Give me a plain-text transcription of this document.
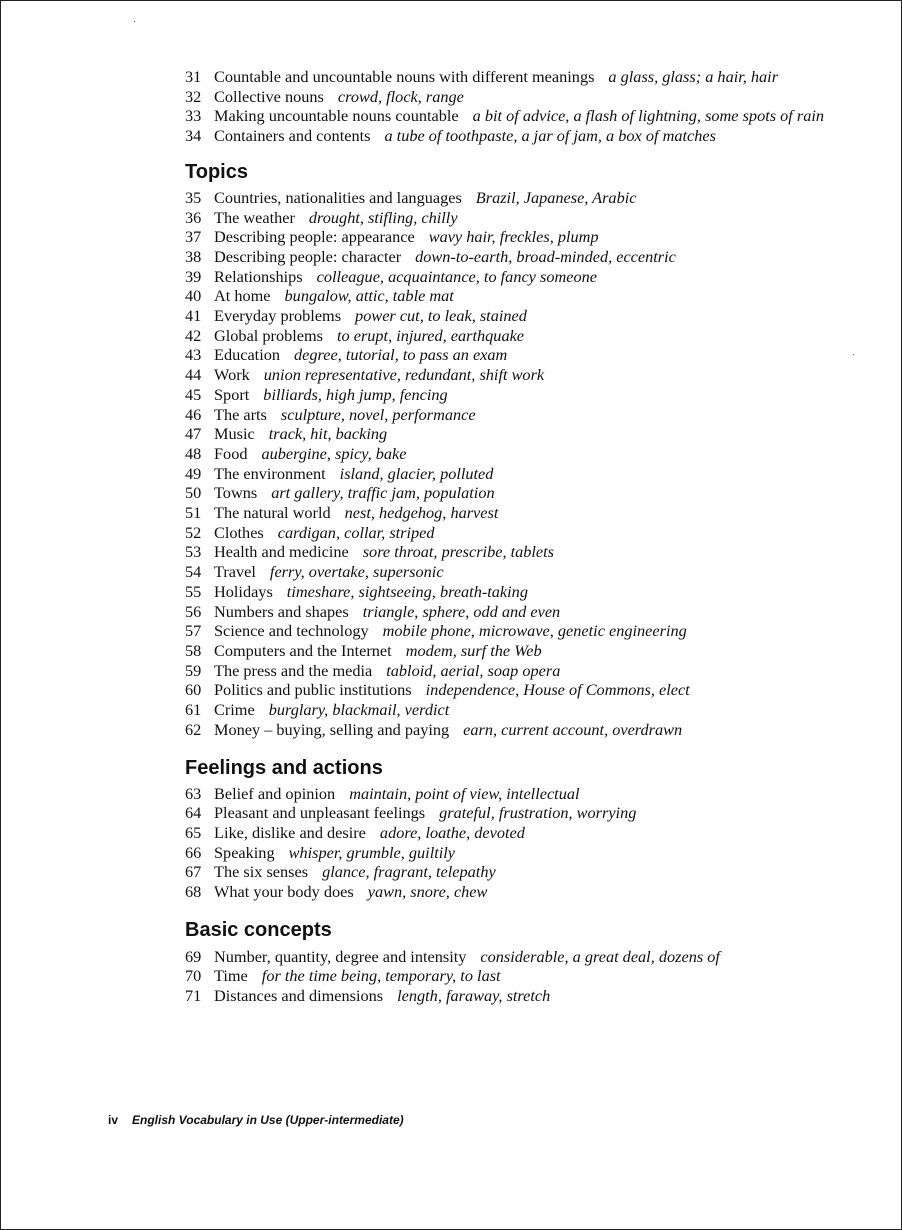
31 Countable and uncountable nouns with different meanings a glass, glass; a hair, hair
32 Collective nouns crowd, flock, range
33 Making uncountable nouns countable a bit of advice, a flash of lightning, some spots of rain
34 Containers and contents a tube of toothpaste, a jar of jam, a box of matches
Topics
35 Countries, nationalities and languages Brazil, Japanese, Arabic
36 The weather drought, stifling, chilly
37 Describing people: appearance wavy hair, freckles, plump
38 Describing people: character down-to-earth, broad-minded, eccentric
39 Relationships colleague, acquaintance, to fancy someone
40 At home bungalow, attic, table mat
41 Everyday problems power cut, to leak, stained
42 Global problems to erupt, injured, earthquake
43 Education degree, tutorial, to pass an exam
44 Work union representative, redundant, shift work
45 Sport billiards, high jump, fencing
46 The arts sculpture, novel, performance
47 Music track, hit, backing
48 Food aubergine, spicy, bake
49 The environment island, glacier, polluted
50 Towns art gallery, traffic jam, population
51 The natural world nest, hedgehog, harvest
52 Clothes cardigan, collar, striped
53 Health and medicine sore throat, prescribe, tablets
54 Travel ferry, overtake, supersonic
55 Holidays timeshare, sightseeing, breath-taking
56 Numbers and shapes triangle, sphere, odd and even
57 Science and technology mobile phone, microwave, genetic engineering
58 Computers and the Internet modem, surf the Web
59 The press and the media tabloid, aerial, soap opera
60 Politics and public institutions independence, House of Commons, elect
61 Crime burglary, blackmail, verdict
62 Money – buying, selling and paying earn, current account, overdrawn
Feelings and actions
63 Belief and opinion maintain, point of view, intellectual
64 Pleasant and unpleasant feelings grateful, frustration, worrying
65 Like, dislike and desire adore, loathe, devoted
66 Speaking whisper, grumble, guiltily
67 The six senses glance, fragrant, telepathy
68 What your body does yawn, snore, chew
Basic concepts
69 Number, quantity, degree and intensity considerable, a great deal, dozens of
70 Time for the time being, temporary, to last
71 Distances and dimensions length, faraway, stretch
iv English Vocabulary in Use (Upper-intermediate)
